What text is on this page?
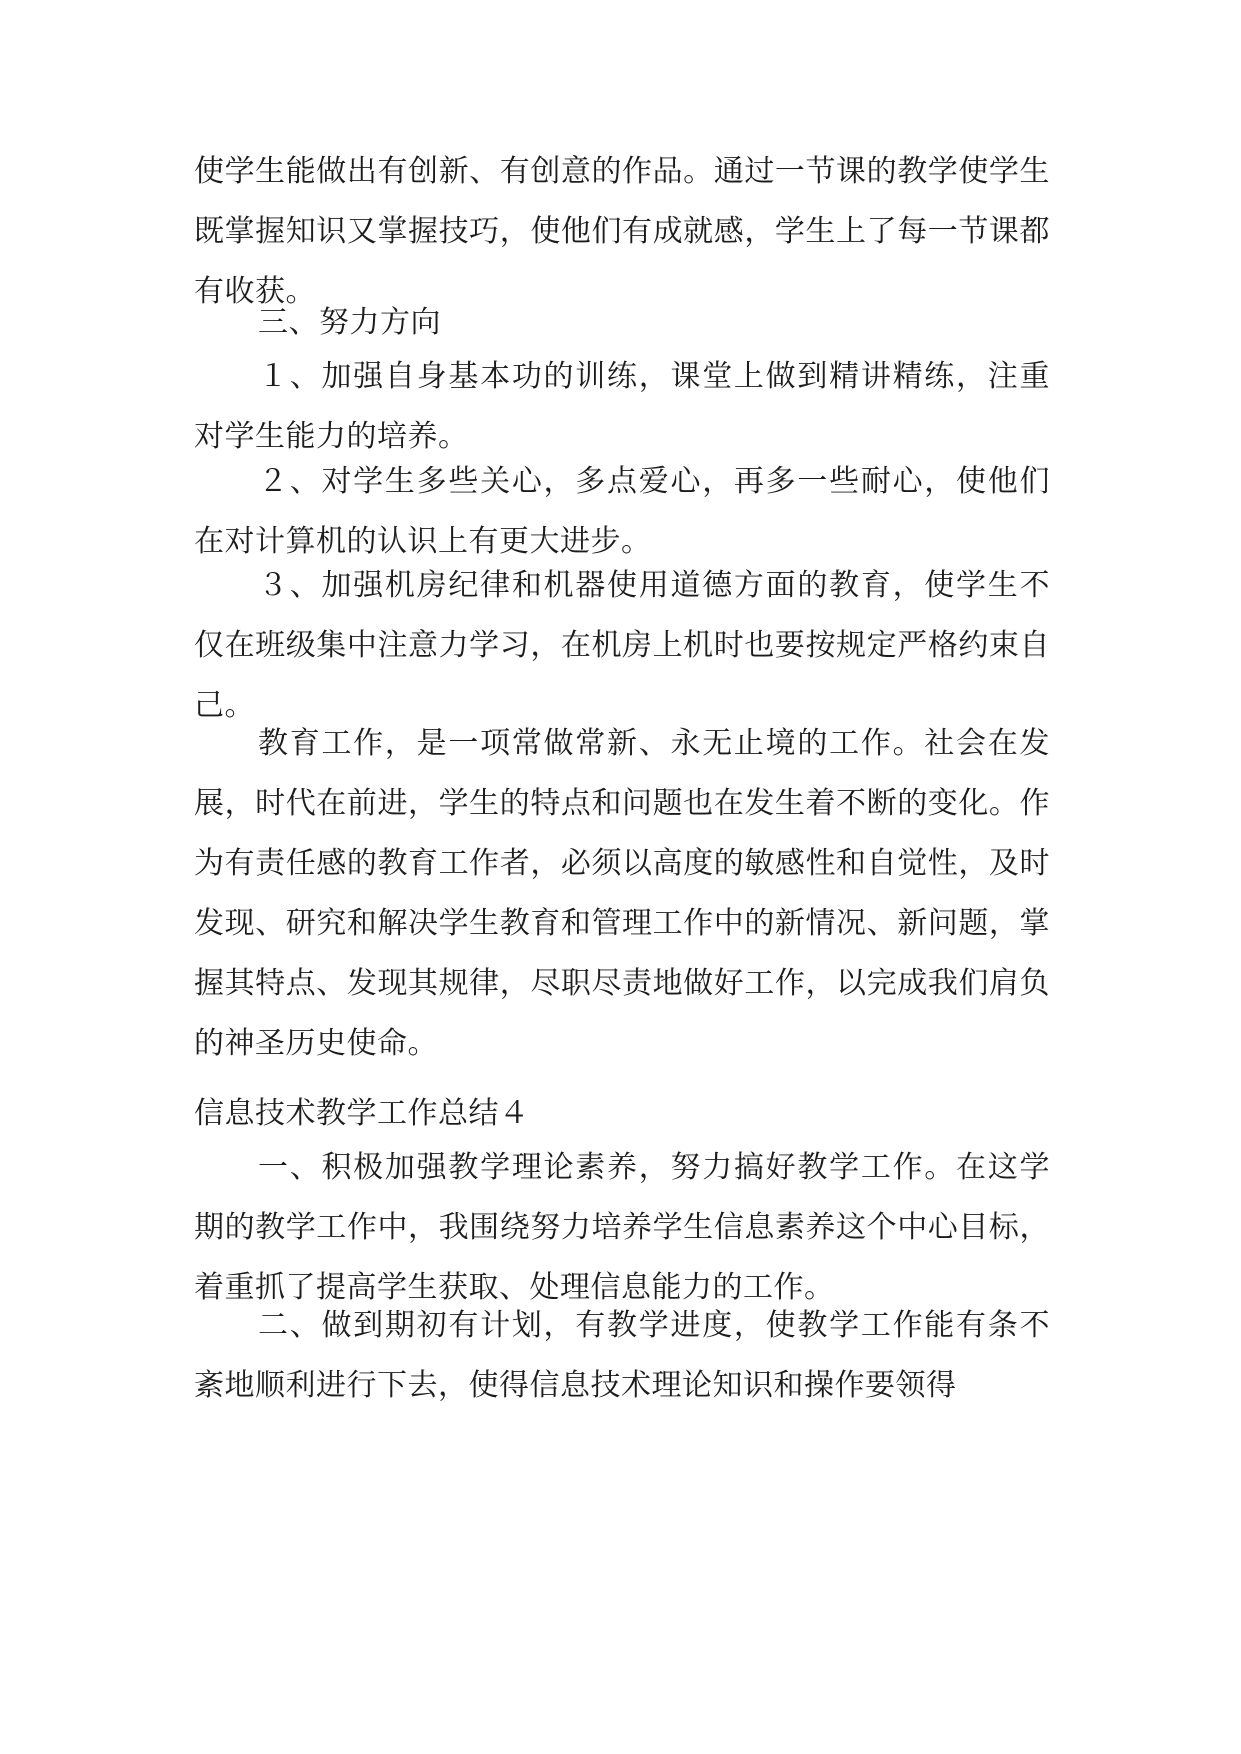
使学生能做出有创新、有创意的作品。通过一节课的教学使学生既掌握知识又掌握技巧，使他们有成就感，学生上了每一节课都有收获。

三、努力方向

１、加强自身基本功的训练，课堂上做到精讲精练，注重对学生能力的培养。

２、对学生多些关心，多点爱心，再多一些耐心，使他们在对计算机的认识上有更大进步。

３、加强机房纪律和机器使用道德方面的教育，使学生不仅在班级集中注意力学习，在机房上机时也要按规定严格约束自己。

教育工作，是一项常做常新、永无止境的工作。社会在发展，时代在前进，学生的特点和问题也在发生着不断的变化。作为有责任感的教育工作者，必须以高度的敏感性和自觉性，及时发现、研究和解决学生教育和管理工作中的新情况、新问题，掌握其特点、发现其规律，尽职尽责地做好工作，以完成我们肩负的神圣历史使命。

信息技术教学工作总结４

一、积极加强教学理论素养，努力搞好教学工作。在这学期的教学工作中，我围绕努力培养学生信息素养这个中心目标，着重抓了提高学生获取、处理信息能力的工作。

二、做到期初有计划，有教学进度，使教学工作能有条不紊地顺利进行下去，使得信息技术理论知识和操作要领得
